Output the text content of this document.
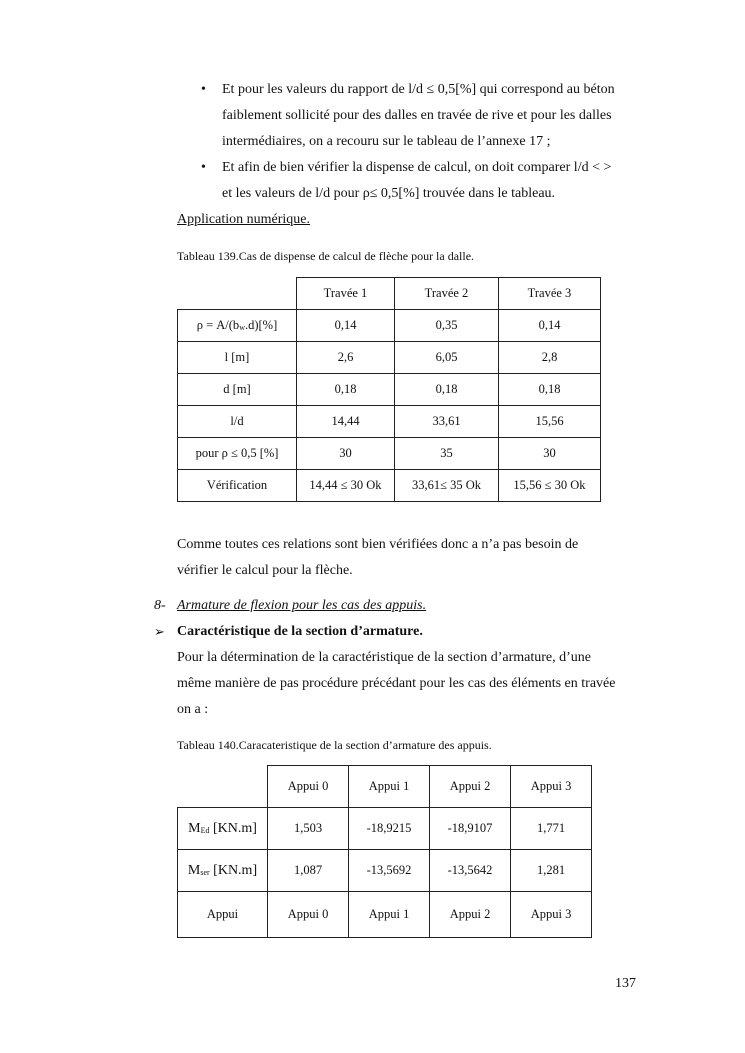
• Et pour les valeurs du rapport de l/d ≤ 0,5[%] qui correspond au béton
faiblement sollicité pour des dalles en travée de rive et pour les dalles
intermédiaires, on a recouru sur le tableau de l’annexe 17 ;
• Et afin de bien vérifier la dispense de calcul, on doit comparer l/d < >
et les valeurs de l/d pour ρ≤ 0,5[%] trouvée dans le tableau.
Application numérique.
Tableau 139.Cas de dispense de calcul de flèche pour la dalle.
	Travée 1	Travée 2	Travée 3
$\rho = A/(b_w.d)[\%]$	0,14	0,35	0,14
l [m]	2,6	6,05	2,8
d [m]	0,18	0,18	0,18
l/d	14,44	33,61	15,56
pour ρ ≤ 0,5 [%]	30	35	30
Vérification	14,44 ≤ 30 Ok	33,61≤ 35 Ok	15,56 ≤ 30 Ok
Comme toutes ces relations sont bien vérifiées donc a n’a pas besoin de
vérifier le calcul pour la flèche.
8- Armature de flexion pour les cas des appuis.
➢ Caractéristique de la section d’armature.
Pour la détermination de la caractéristique de la section d’armature, d’une
même manière de pas procédure précédant pour les cas des éléments en travée
on a :
Tableau 140.Caracateristique de la section d’armature des appuis.
	Appui 0	Appui 1	Appui 2	Appui 3
$M_{Ed}$ [KN.m]	1,503	-18,9215	-18,9107	1,771
$M_{ser}$ [KN.m]	1,087	-13,5692	-13,5642	1,281
Appui	Appui 0	Appui 1	Appui 2	Appui 3
137
